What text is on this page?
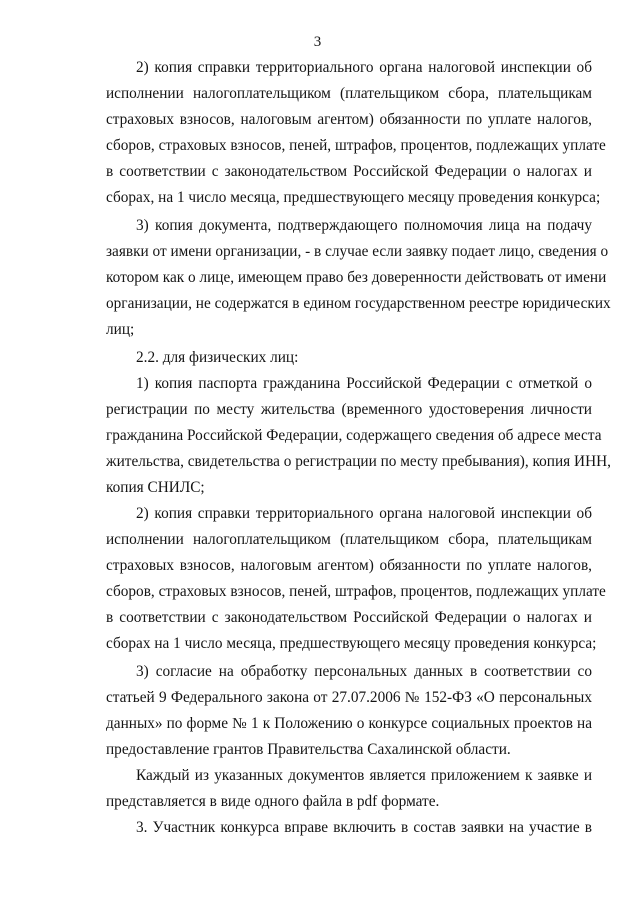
3
2) копия справки территориального органа налоговой инспекции об
исполнении налогоплательщиком (плательщиком сбора, плательщикам
страховых взносов, налоговым агентом) обязанности по уплате налогов,
сборов, страховых взносов, пеней, штрафов, процентов, подлежащих уплате
в соответствии с законодательством Российской Федерации о налогах и
сборах, на 1 число месяца, предшествующего месяцу проведения конкурса;
3) копия документа, подтверждающего полномочия лица на подачу
заявки от имени организации, - в случае если заявку подает лицо, сведения о
котором как о лице, имеющем право без доверенности действовать от имени
организации, не содержатся в едином государственном реестре юридических
лиц;
2.2. для физических лиц:
1) копия паспорта гражданина Российской Федерации с отметкой о
регистрации по месту жительства (временного удостоверения личности
гражданина Российской Федерации, содержащего сведения об адресе места
жительства, свидетельства о регистрации по месту пребывания), копия ИНН,
копия СНИЛС;
2) копия справки территориального органа налоговой инспекции об
исполнении налогоплательщиком (плательщиком сбора, плательщикам
страховых взносов, налоговым агентом) обязанности по уплате налогов,
сборов, страховых взносов, пеней, штрафов, процентов, подлежащих уплате
в соответствии с законодательством Российской Федерации о налогах и
сборах на 1 число месяца, предшествующего месяцу проведения конкурса;
3) согласие на обработку персональных данных в соответствии со
статьей 9 Федерального закона от 27.07.2006 № 152-ФЗ «О персональных
данных» по форме № 1 к Положению о конкурсе социальных проектов на
предоставление грантов Правительства Сахалинской области.
Каждый из указанных документов является приложением к заявке и
представляется в виде одного файла в pdf формате.
3. Участник конкурса вправе включить в состав заявки на участие в
